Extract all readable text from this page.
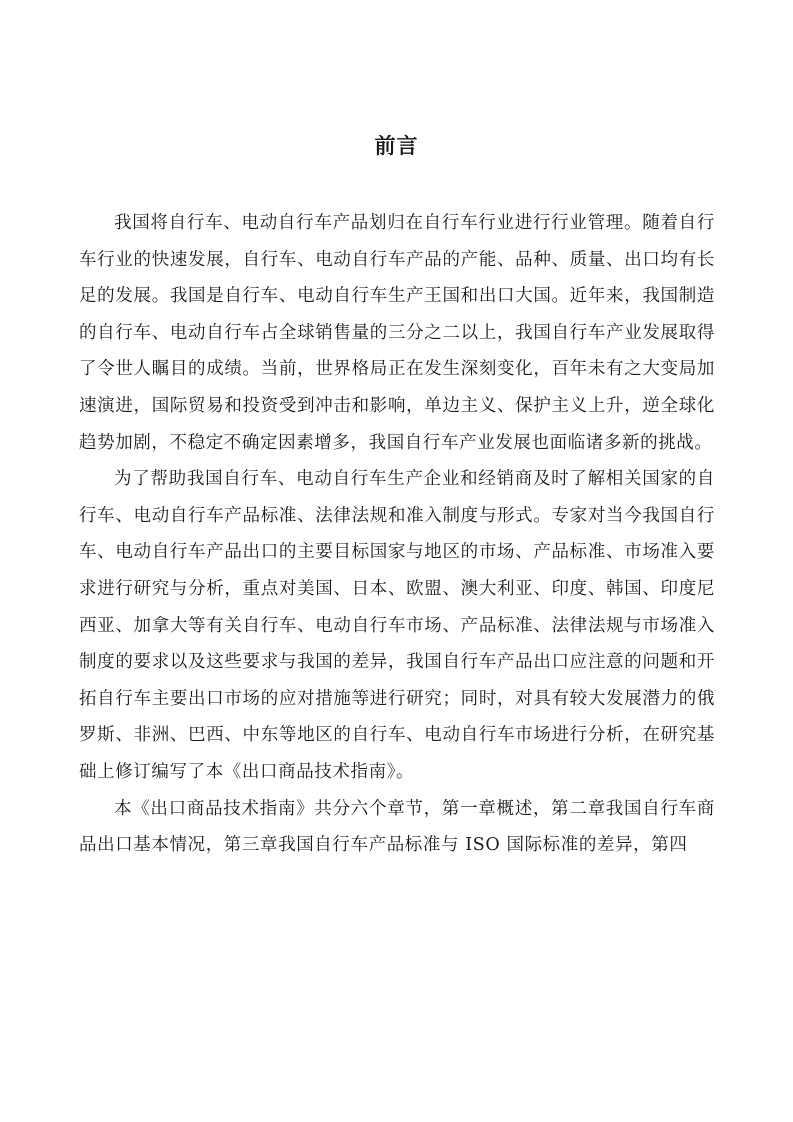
前言

我国将自行车、电动自行车产品划归在自行车行业进行行业管理。随着自行车行业的快速发展，自行车、电动自行车产品的产能、品种、质量、出口均有长足的发展。我国是自行车、电动自行车生产王国和出口大国。近年来，我国制造的自行车、电动自行车占全球销售量的三分之二以上，我国自行车产业发展取得了令世人瞩目的成绩。当前，世界格局正在发生深刻变化，百年未有之大变局加速演进，国际贸易和投资受到冲击和影响，单边主义、保护主义上升，逆全球化趋势加剧，不稳定不确定因素增多，我国自行车产业发展也面临诸多新的挑战。

为了帮助我国自行车、电动自行车生产企业和经销商及时了解相关国家的自行车、电动自行车产品标准、法律法规和准入制度与形式。专家对当今我国自行车、电动自行车产品出口的主要目标国家与地区的市场、产品标准、市场准入要求进行研究与分析，重点对美国、日本、欧盟、澳大利亚、印度、韩国、印度尼西亚、加拿大等有关自行车、电动自行车市场、产品标准、法律法规与市场准入制度的要求以及这些要求与我国的差异，我国自行车产品出口应注意的问题和开拓自行车主要出口市场的应对措施等进行研究；同时，对具有较大发展潜力的俄罗斯、非洲、巴西、中东等地区的自行车、电动自行车市场进行分析，在研究基础上修订编写了本《出口商品技术指南》。

本《出口商品技术指南》共分六个章节，第一章概述，第二章我国自行车商品出口基本情况，第三章我国自行车产品标准与 ISO 国际标准的差异，第四
